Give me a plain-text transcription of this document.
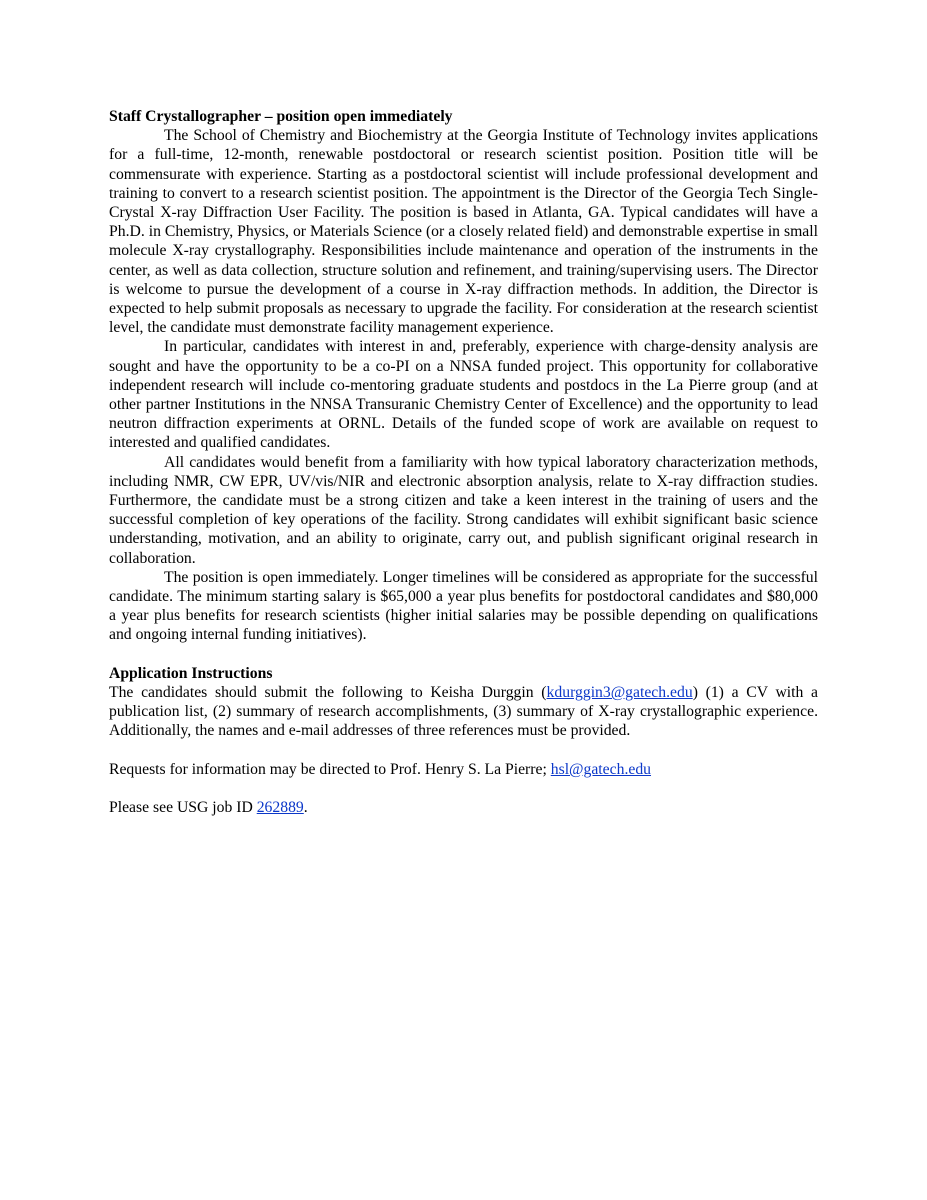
Staff Crystallographer – position open immediately

The School of Chemistry and Biochemistry at the Georgia Institute of Technology invites applications for a full-time, 12-month, renewable postdoctoral or research scientist position. Position title will be commensurate with experience. Starting as a postdoctoral scientist will include professional development and training to convert to a research scientist position. The appointment is the Director of the Georgia Tech Single-Crystal X-ray Diffraction User Facility. The position is based in Atlanta, GA. Typical candidates will have a Ph.D. in Chemistry, Physics, or Materials Science (or a closely related field) and demonstrable expertise in small molecule X-ray crystallography. Responsibilities include maintenance and operation of the instruments in the center, as well as data collection, structure solution and refinement, and training/supervising users. The Director is welcome to pursue the development of a course in X-ray diffraction methods. In addition, the Director is expected to help submit proposals as necessary to upgrade the facility. For consideration at the research scientist level, the candidate must demonstrate facility management experience.

In particular, candidates with interest in and, preferably, experience with charge-density analysis are sought and have the opportunity to be a co-PI on a NNSA funded project. This opportunity for collaborative independent research will include co-mentoring graduate students and postdocs in the La Pierre group (and at other partner Institutions in the NNSA Transuranic Chemistry Center of Excellence) and the opportunity to lead neutron diffraction experiments at ORNL. Details of the funded scope of work are available on request to interested and qualified candidates.

All candidates would benefit from a familiarity with how typical laboratory characterization methods, including NMR, CW EPR, UV/vis/NIR and electronic absorption analysis, relate to X-ray diffraction studies. Furthermore, the candidate must be a strong citizen and take a keen interest in the training of users and the successful completion of key operations of the facility. Strong candidates will exhibit significant basic science understanding, motivation, and an ability to originate, carry out, and publish significant original research in collaboration.

The position is open immediately. Longer timelines will be considered as appropriate for the successful candidate. The minimum starting salary is $65,000 a year plus benefits for postdoctoral candidates and $80,000 a year plus benefits for research scientists (higher initial salaries may be possible depending on qualifications and ongoing internal funding initiatives).

Application Instructions

The candidates should submit the following to Keisha Durggin (kdurggin3@gatech.edu) (1) a CV with a publication list, (2) summary of research accomplishments, (3) summary of X-ray crystallographic experience. Additionally, the names and e-mail addresses of three references must be provided.

Requests for information may be directed to Prof. Henry S. La Pierre; hsl@gatech.edu

Please see USG job ID 262889.
